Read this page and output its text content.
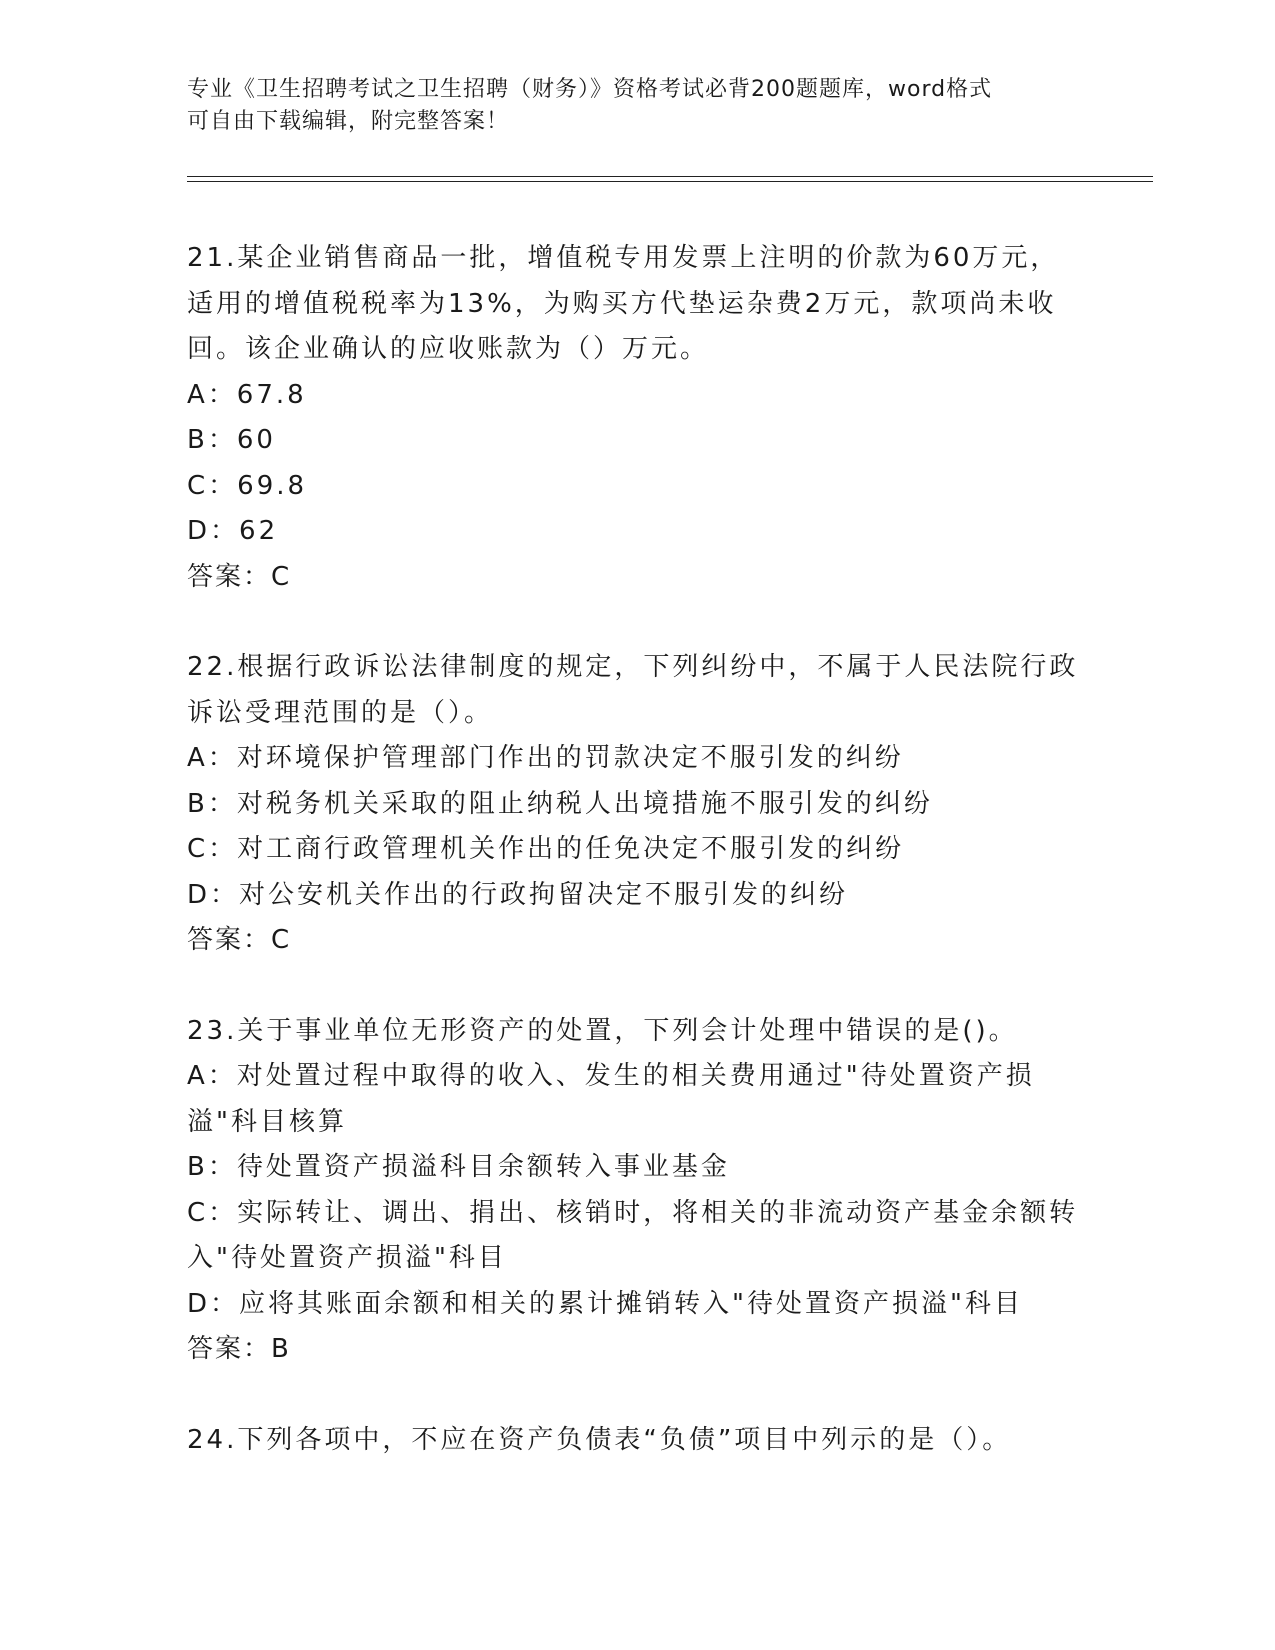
专业《卫生招聘考试之卫生招聘（财务）》资格考试必背200题题库，word格式
可自由下载编辑，附完整答案！
21.某企业销售商品一批，增值税专用发票上注明的价款为60万元，适用的增值税税率为13%，为购买方代垫运杂费2万元，款项尚未收回。该企业确认的应收账款为（）万元。
A：67.8
B：60
C：69.8
D：62
答案：C
22.根据行政诉讼法律制度的规定，下列纠纷中，不属于人民法院行政诉讼受理范围的是（）。
A：对环境保护管理部门作出的罚款决定不服引发的纠纷
B：对税务机关采取的阻止纳税人出境措施不服引发的纠纷
C：对工商行政管理机关作出的任免决定不服引发的纠纷
D：对公安机关作出的行政拘留决定不服引发的纠纷
答案：C
23.关于事业单位无形资产的处置，下列会计处理中错误的是()。
A：对处置过程中取得的收入、发生的相关费用通过"待处置资产损溢"科目核算
B：待处置资产损溢科目余额转入事业基金
C：实际转让、调出、捐出、核销时，将相关的非流动资产基金余额转入"待处置资产损溢"科目
D：应将其账面余额和相关的累计摊销转入"待处置资产损溢"科目
答案：B
24.下列各项中，不应在资产负债表“负债”项目中列示的是（）。
